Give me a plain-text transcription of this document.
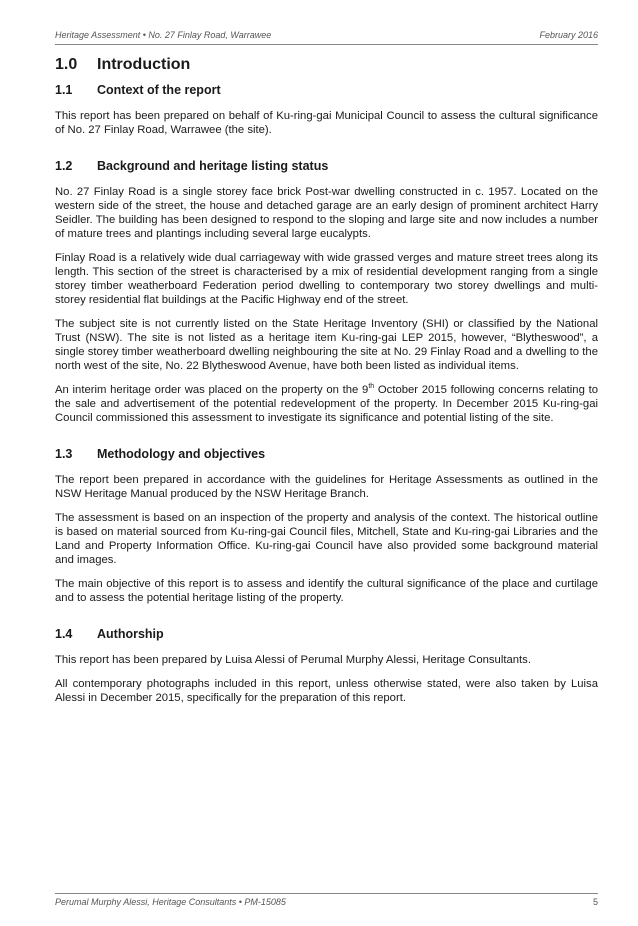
Heritage Assessment • No. 27 Finlay Road, Warrawee	February 2016
1.0 Introduction
1.1 Context of the report

This report has been prepared on behalf of Ku-ring-gai Municipal Council to assess the cultural significance of No. 27 Finlay Road, Warrawee (the site).

1.2 Background and heritage listing status

No. 27 Finlay Road is a single storey face brick Post-war dwelling constructed in c. 1957. Located on the western side of the street, the house and detached garage are an early design of prominent architect Harry Seidler. The building has been designed to respond to the sloping and large site and now includes a number of mature trees and plantings including several large eucalypts.

Finlay Road is a relatively wide dual carriageway with wide grassed verges and mature street trees along its length. This section of the street is characterised by a mix of residential development ranging from a single storey timber weatherboard Federation period dwelling to contemporary two storey dwellings and multi-storey residential flat buildings at the Pacific Highway end of the street.

The subject site is not currently listed on the State Heritage Inventory (SHI) or classified by the National Trust (NSW). The site is not listed as a heritage item Ku-ring-gai LEP 2015, however, “Blytheswood”, a single storey timber weatherboard dwelling neighbouring the site at No. 29 Finlay Road and a dwelling to the north west of the site, No. 22 Blytheswood Avenue, have both been listed as individual items.

An interim heritage order was placed on the property on the 9th October 2015 following concerns relating to the sale and advertisement of the potential redevelopment of the property. In December 2015 Ku-ring-gai Council commissioned this assessment to investigate its significance and potential listing of the site.

1.3 Methodology and objectives

The report been prepared in accordance with the guidelines for Heritage Assessments as outlined in the NSW Heritage Manual produced by the NSW Heritage Branch.

The assessment is based on an inspection of the property and analysis of the context. The historical outline is based on material sourced from Ku-ring-gai Council files, Mitchell, State and Ku-ring-gai Libraries and the Land and Property Information Office. Ku-ring-gai Council have also provided some background material and images.

The main objective of this report is to assess and identify the cultural significance of the place and curtilage and to assess the potential heritage listing of the property.

1.4 Authorship

This report has been prepared by Luisa Alessi of Perumal Murphy Alessi, Heritage Consultants.

All contemporary photographs included in this report, unless otherwise stated, were also taken by Luisa Alessi in December 2015, specifically for the preparation of this report.

Perumal Murphy Alessi, Heritage Consultants • PM-15085	5
